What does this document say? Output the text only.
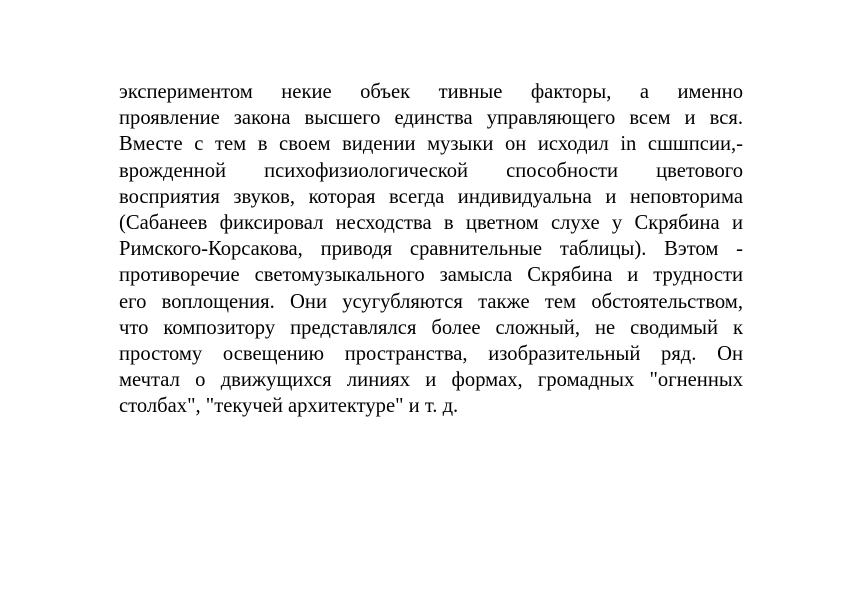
экспериментом некие объек тивные факторы, а именно
проявление закона высшего единства управляющего всем и вся.
Вместе с тем в своем видении музыки он исходил in сшшпсии,-
врожденной психофизиологической способности цветового
восприятия звуков, которая всегда индивидуальна и неповторима
(Сабанеев фиксировал несходства в цветном слухе у Скрябина и
Римского-Корсакова, приводя сравнительные таблицы). Вэтом -
противоречие светомузыкального замысла Скрябина и трудности
его воплощения. Они усугубляются также тем обстоятельством,
что композитору представлялся более сложный, не сводимый к
простому освещению пространства, изобразительный ряд. Он
мечтал о движущихся линиях и формах, громадных "огненных
столбах", "текучей архитектуре" и т. д.
